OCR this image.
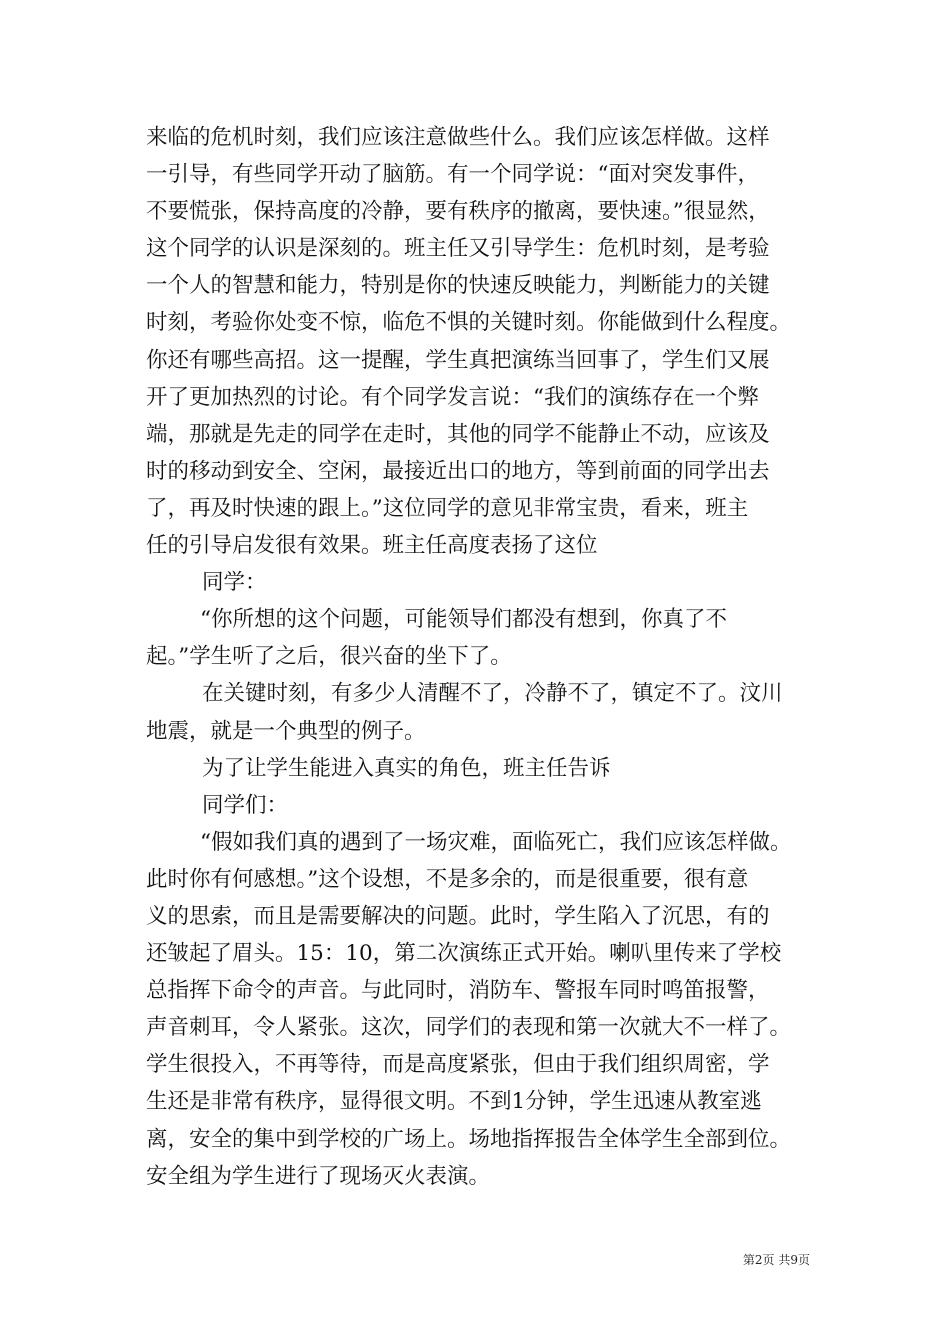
来临的危机时刻，我们应该注意做些什么。我们应该怎样做。这样
一引导，有些同学开动了脑筋。有一个同学说：“面对突发事件，
不要慌张，保持高度的冷静，要有秩序的撤离，要快速。”很显然，
这个同学的认识是深刻的。班主任又引导学生：危机时刻，是考验
一个人的智慧和能力，特别是你的快速反映能力，判断能力的关键
时刻，考验你处变不惊，临危不惧的关键时刻。你能做到什么程度。
你还有哪些高招。这一提醒，学生真把演练当回事了，学生们又展
开了更加热烈的讨论。有个同学发言说：“我们的演练存在一个弊
端，那就是先走的同学在走时，其他的同学不能静止不动，应该及
时的移动到安全、空闲，最接近出口的地方，等到前面的同学出去
了，再及时快速的跟上。”这位同学的意见非常宝贵，看来，班主
任的引导启发很有效果。班主任高度表扬了这位
同学：
“你所想的这个问题，可能领导们都没有想到，你真了不
起。”学生听了之后，很兴奋的坐下了。
在关键时刻，有多少人清醒不了，冷静不了，镇定不了。汶川
地震，就是一个典型的例子。
为了让学生能进入真实的角色，班主任告诉
同学们：
“假如我们真的遇到了一场灾难，面临死亡，我们应该怎样做。
此时你有何感想。”这个设想，不是多余的，而是很重要，很有意
义的思索，而且是需要解决的问题。此时，学生陷入了沉思，有的
还皱起了眉头。15：10，第二次演练正式开始。喇叭里传来了学校
总指挥下命令的声音。与此同时，消防车、警报车同时鸣笛报警，
声音刺耳，令人紧张。这次，同学们的表现和第一次就大不一样了。
学生很投入，不再等待，而是高度紧张，但由于我们组织周密，学
生还是非常有秩序，显得很文明。不到1分钟，学生迅速从教室逃
离，安全的集中到学校的广场上。场地指挥报告全体学生全部到位。
安全组为学生进行了现场灭火表演。
第2页 共9页
